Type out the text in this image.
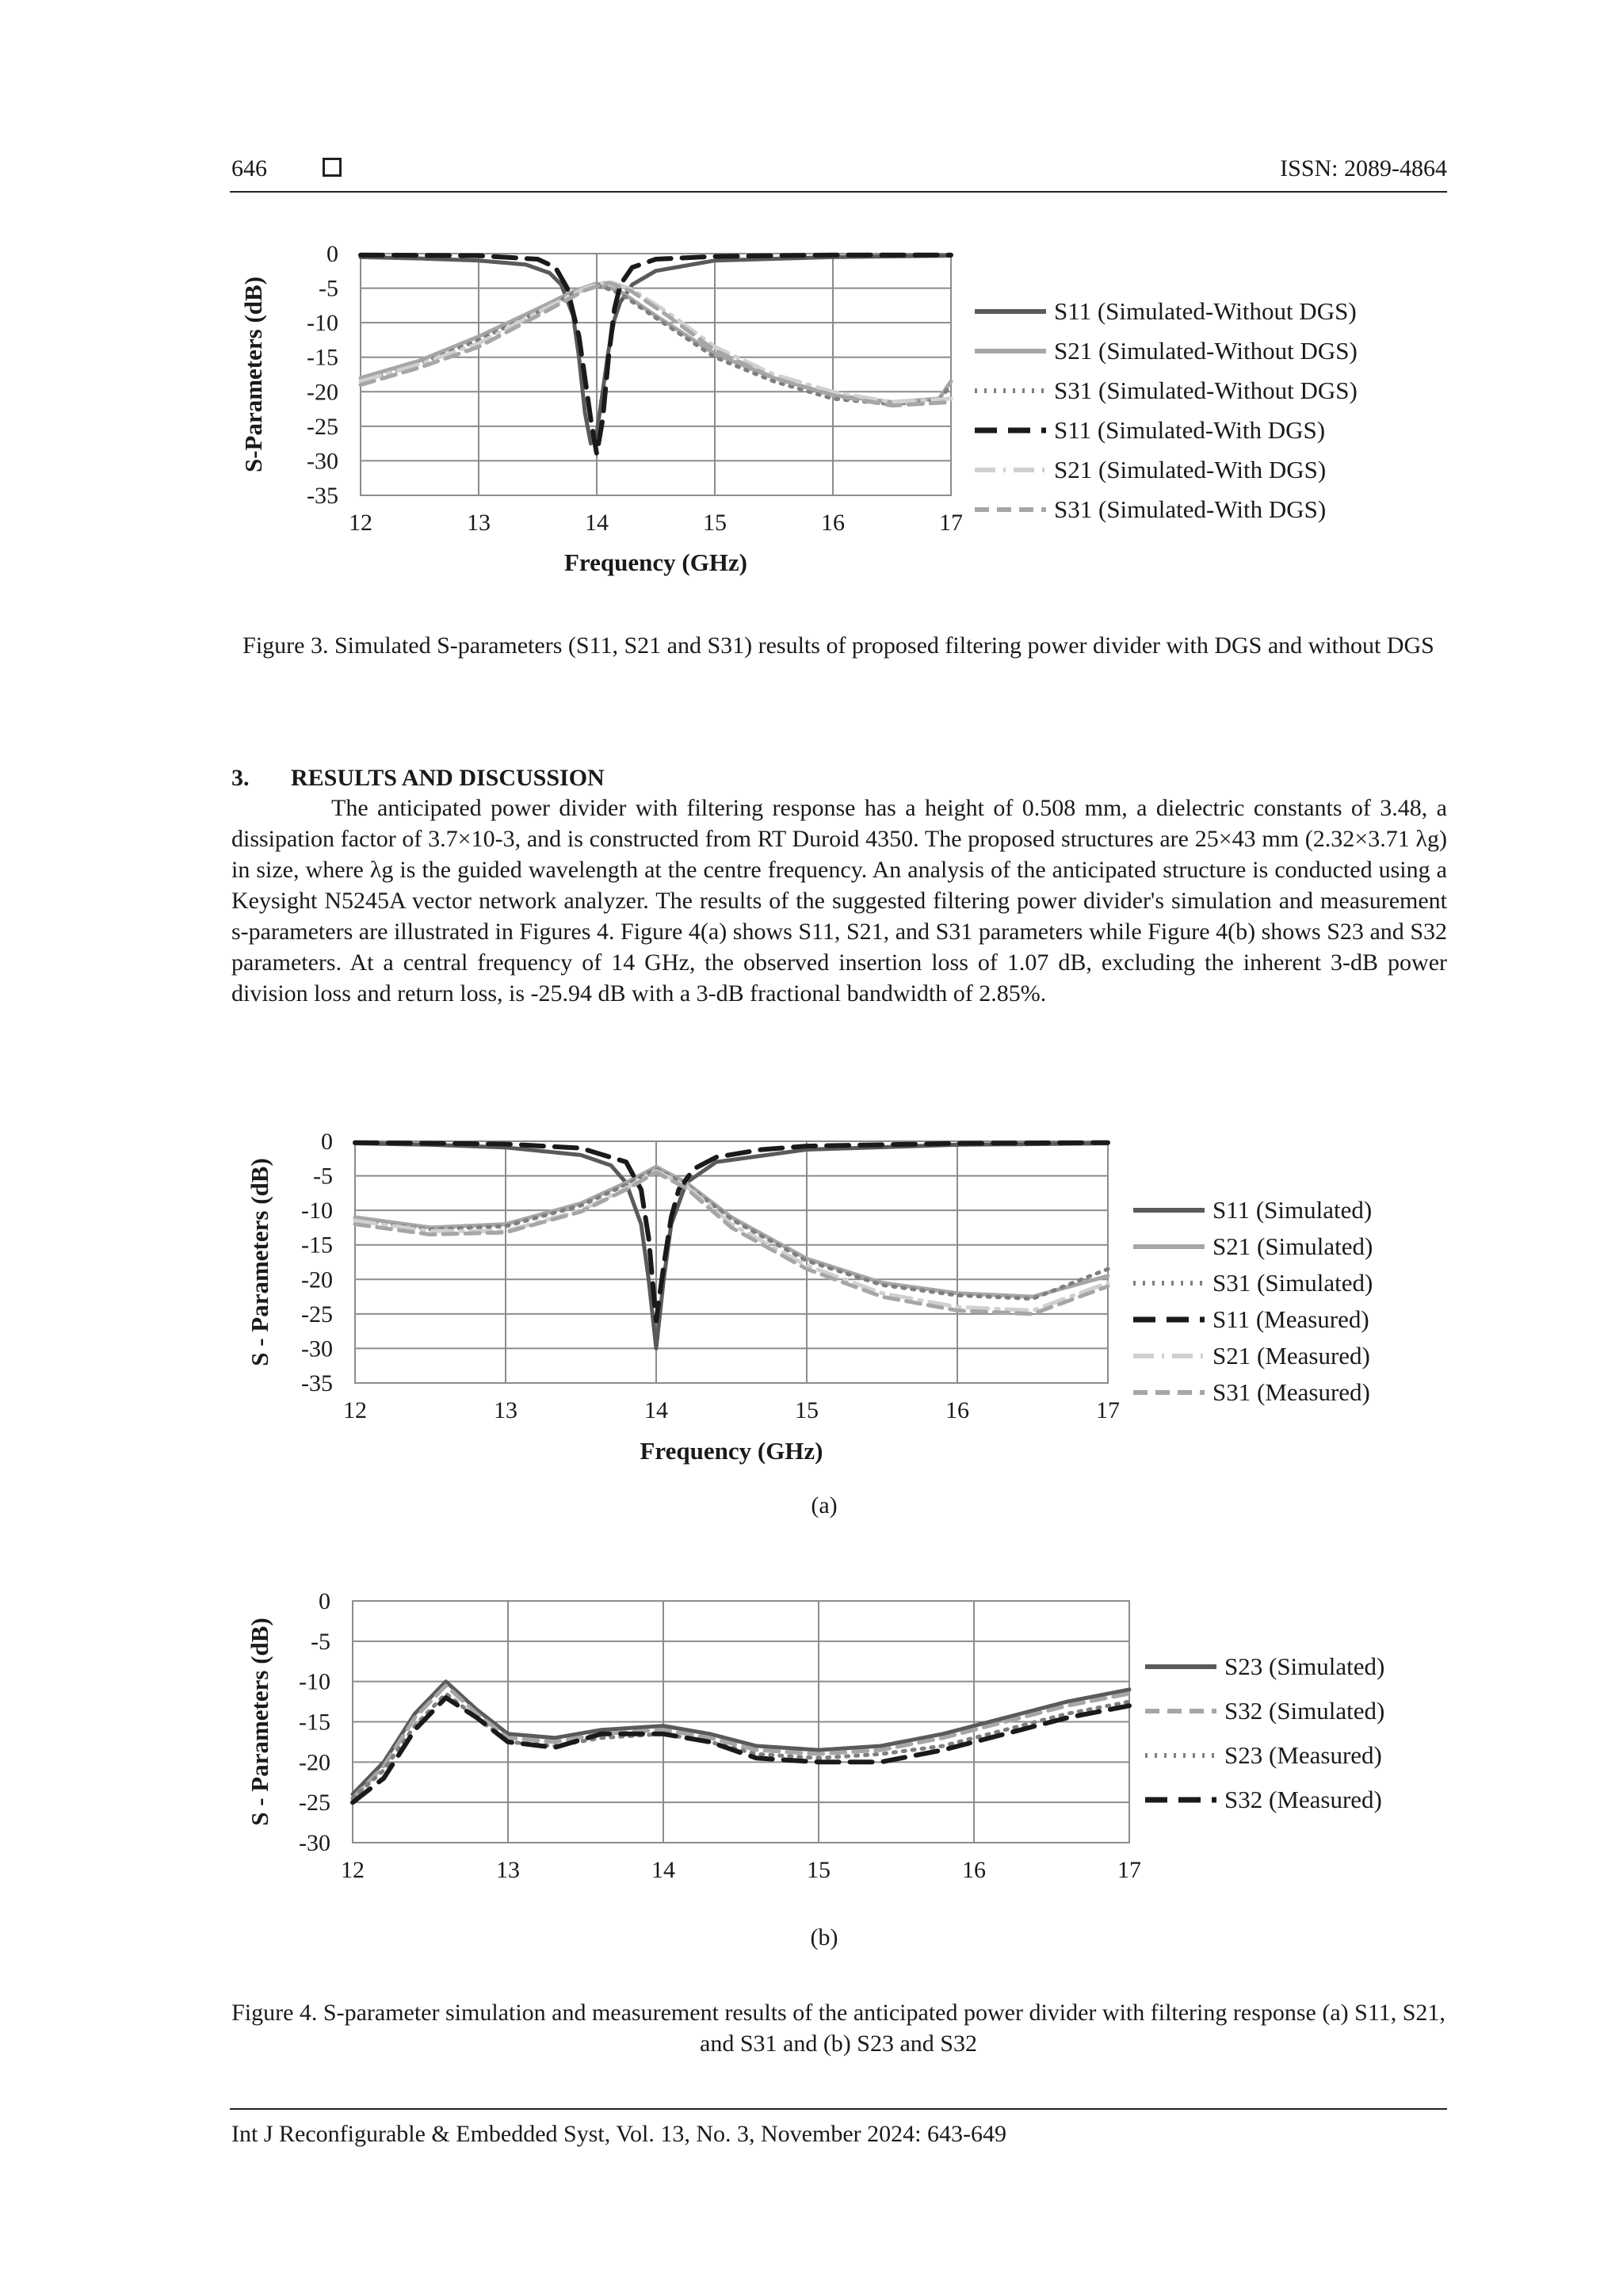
646	ISSN: 2089-4864
0
-5
-10
-15
-20
-25
-30
-35
12	13	14	15	16	17
Frequency (GHz)
S-Parameters (dB)	S11 (Simulated-Without DGS)
S21 (Simulated-Without DGS)
S31 (Simulated-Without DGS)
S11 (Simulated-With DGS)
S21 (Simulated-With DGS)
S31 (Simulated-With DGS)
Figure 3. Simulated S-parameters (S11, S21 and S31) results of proposed filtering power divider with DGS and without DGS
3. RESULTS AND DISCUSSION

The anticipated power divider with filtering response has a height of 0.508 mm, a dielectric constants of 3.48, a dissipation factor of 3.7×10-3, and is constructed from RT Duroid 4350. The proposed structures are 25×43 mm (2.32×3.71 λg) in size, where λg is the guided wavelength at the centre frequency. An analysis of the anticipated structure is conducted using a Keysight N5245A vector network analyzer. The results of the suggested filtering power divider's simulation and measurement s-parameters are illustrated in Figures 4. Figure 4(a) shows S11, S21, and S31 parameters while Figure 4(b) shows S23 and S32 parameters. At a central frequency of 14 GHz, the observed insertion loss of 1.07 dB, excluding the inherent 3-dB power division loss and return loss, is -25.94 dB with a 3-dB fractional bandwidth of 2.85%.

0
-5
-10
-15
-20
-25
-30
-35
12	13	14	15	16	17
Frequency (GHz)
S - Parameters (dB)	S11 (Simulated)
S21 (Simulated)
S31 (Simulated)
S11 (Measured)
S21 (Measured)
S31 (Measured)
(a)
0
-5
-10
-15
-20
-25
-30
12	13	14	15	16	17
S - Parameters (dB)	S23 (Simulated)
S32 (Simulated)
S23 (Measured)
S32 (Measured)
(b)
Figure 4. S-parameter simulation and measurement results of the anticipated power divider with filtering response (a) S11, S21, and S31 and (b) S23 and S32
Int J Reconfigurable & Embedded Syst, Vol. 13, No. 3, November 2024: 643-649
